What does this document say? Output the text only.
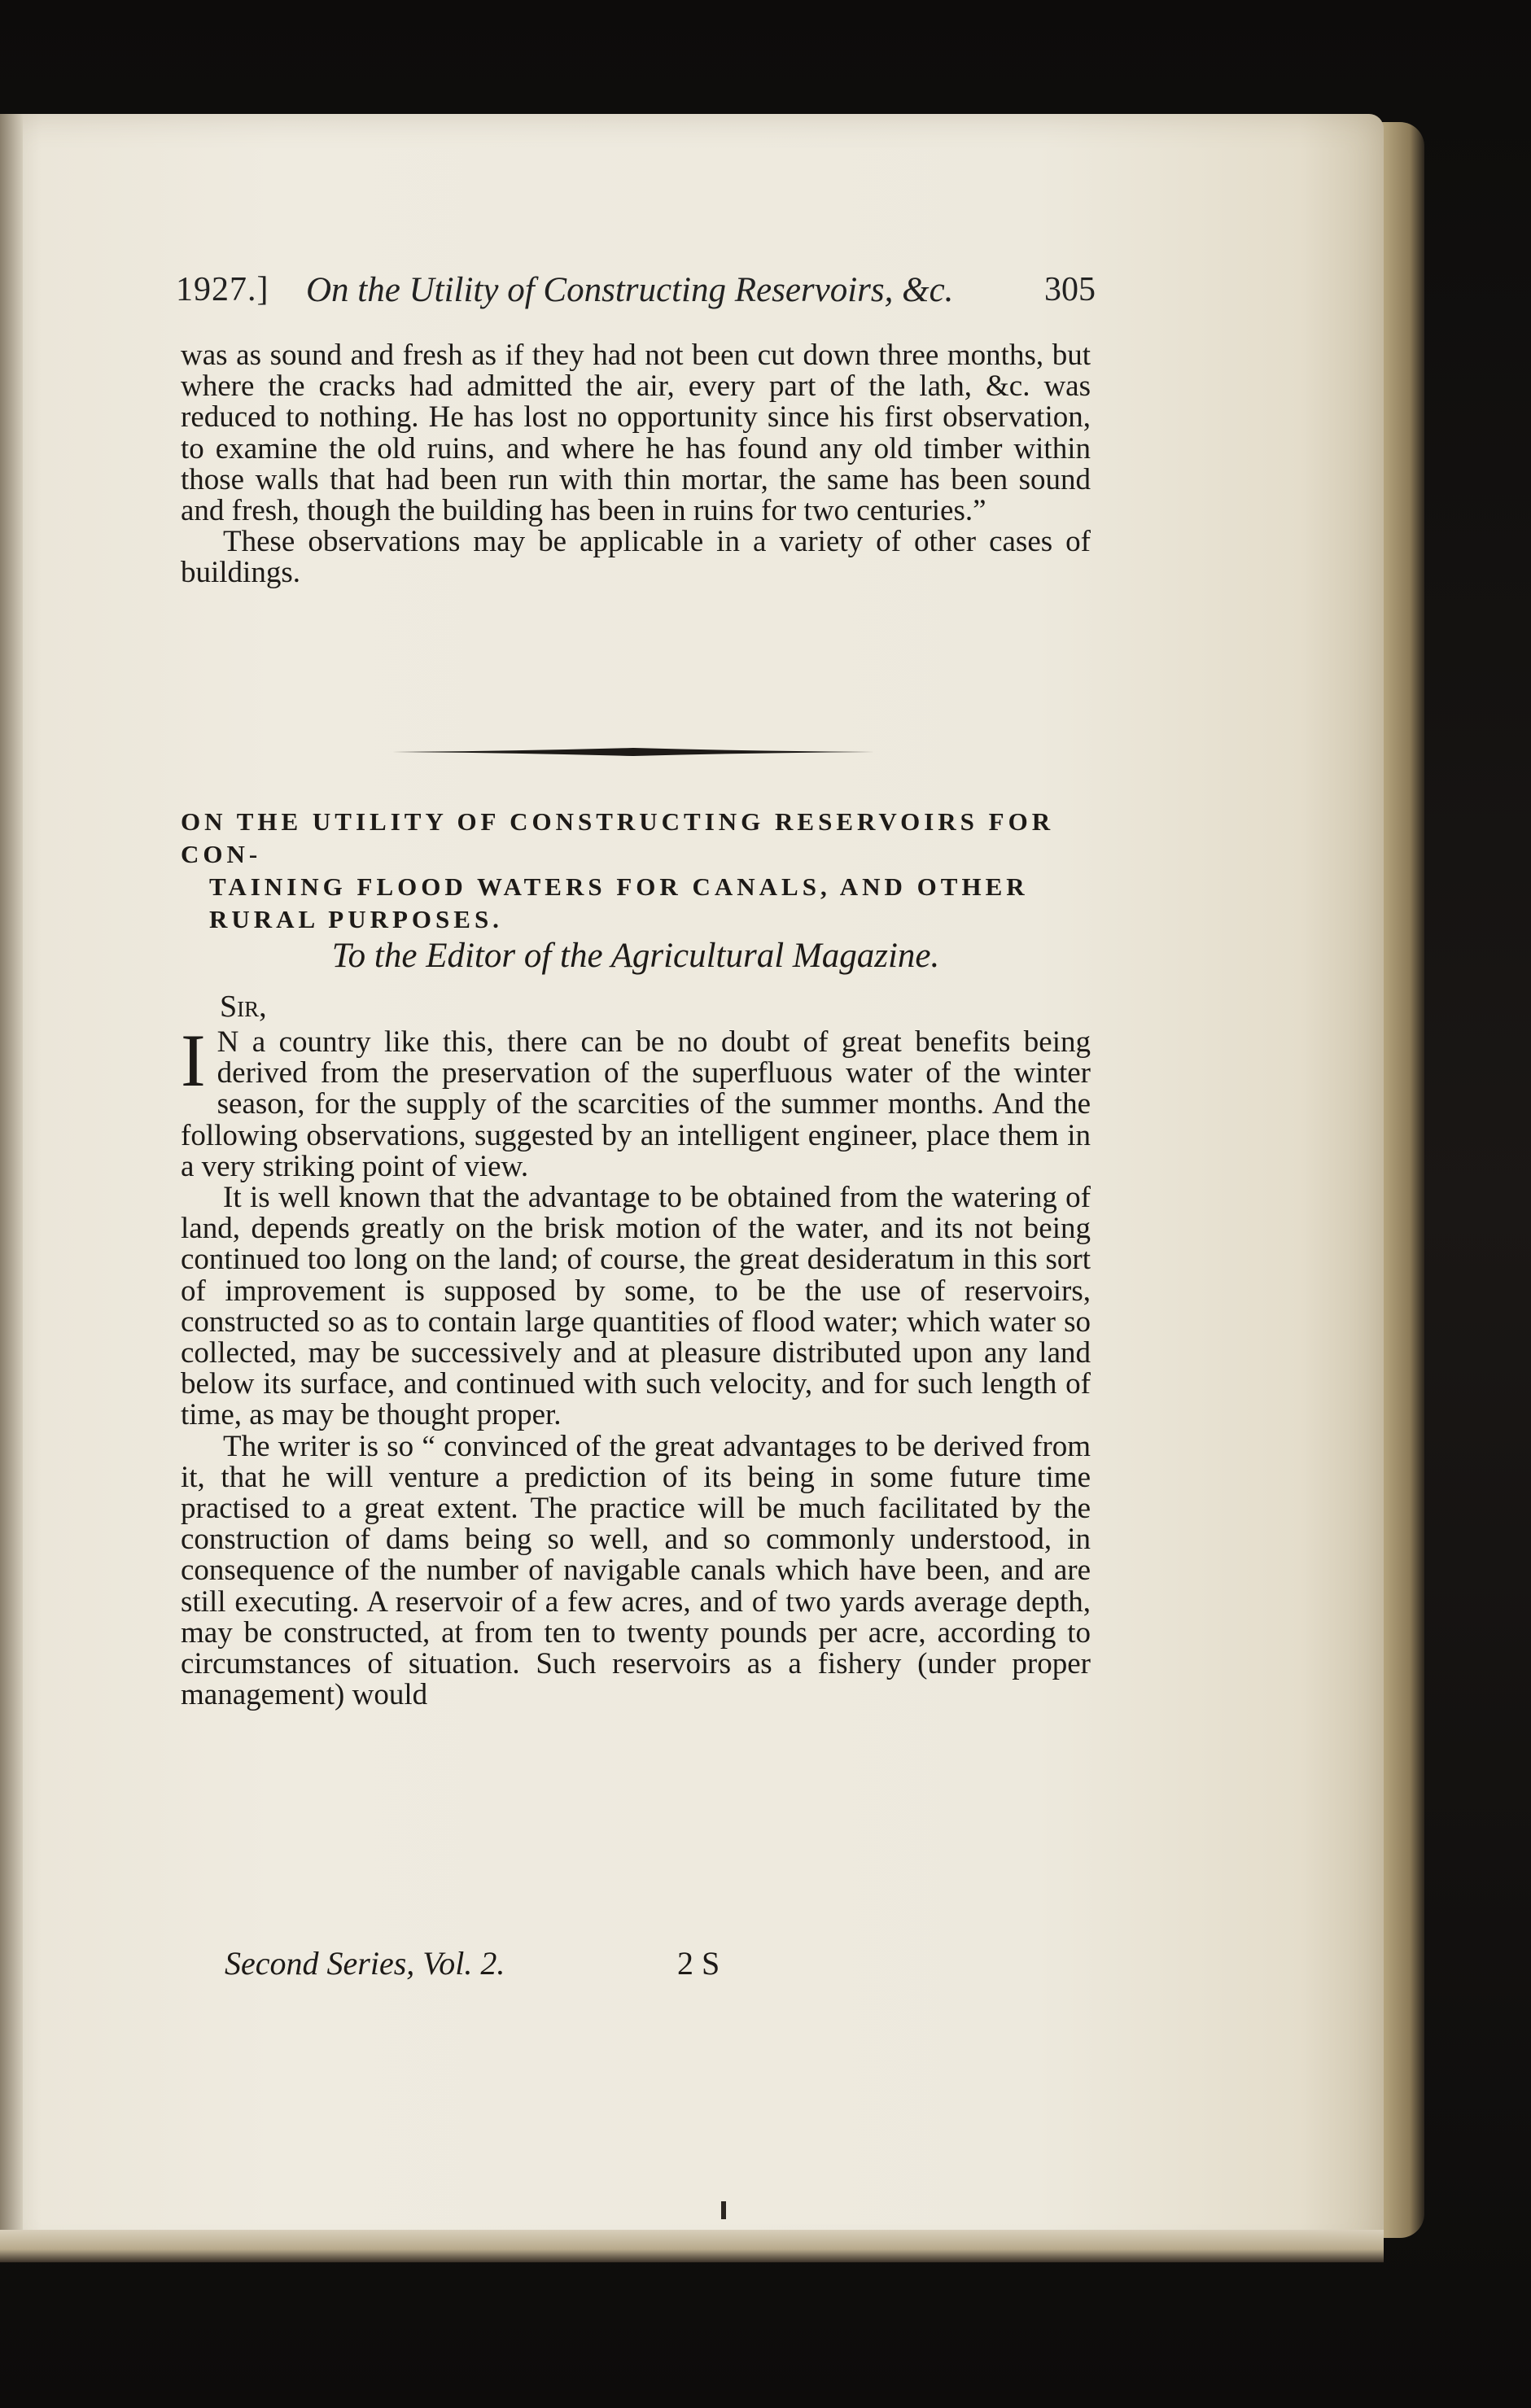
1927.] On the Utility of Constructing Reservoirs, &c.	305

was as sound and fresh as if they had not been cut down three months, but where the cracks had admitted the air, every part of the lath, &c. was reduced to nothing. He has lost no opportunity since his first observation, to examine the old ruins, and where he has found any old timber within those walls that had been run with thin mortar, the same has been sound and fresh, though the building has been in ruins for two centuries.”

These observations may be applicable in a variety of other cases of buildings.

ON THE UTILITY OF CONSTRUCTING RESERVOIRS FOR CON-
TAINING FLOOD WATERS FOR CANALS, AND OTHER
RURAL PURPOSES.
To the Editor of the Agricultural Magazine.
Sir,

I N a country like this, there can be no doubt of great benefits being derived from the preservation of the superfluous water of the winter season, for the supply of the scarcities of the summer months. And the following observations, suggested by an intelligent engineer, place them in a very striking point of view.

It is well known that the advantage to be obtained from the watering of land, depends greatly on the brisk motion of the water, and its not being continued too long on the land; of course, the great desideratum in this sort of improvement is supposed by some, to be the use of reservoirs, constructed so as to contain large quantities of flood water; which water so collected, may be successively and at pleasure distributed upon any land below its surface, and continued with such velocity, and for such length of time, as may be thought proper.

The writer is so “ convinced of the great advantages to be derived from it, that he will venture a prediction of its being in some future time practised to a great extent. The practice will be much facilitated by the construction of dams being so well, and so commonly understood, in consequence of the number of navigable canals which have been, and are still executing. A reservoir of a few acres, and of two yards average depth, may be constructed, at from ten to twenty pounds per acre, according to circumstances of situation. Such reservoirs as a fishery (under proper management) would

Second Series, Vol. 2.	2 S
